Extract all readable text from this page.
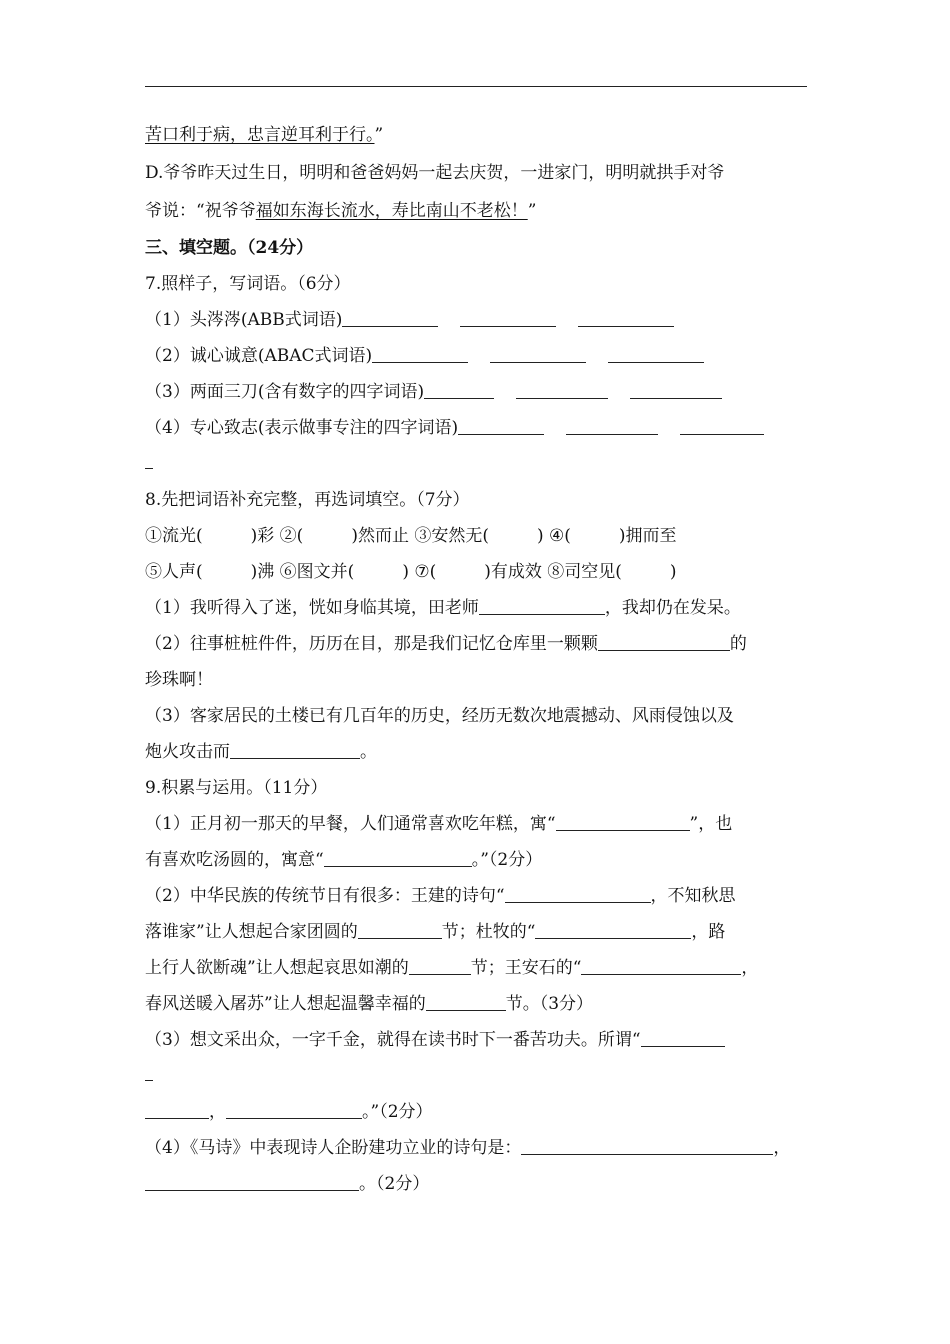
苦口利于病，忠言逆耳利于行。”
D.爷爷昨天过生日，明明和爸爸妈妈一起去庆贺，一进家门，明明就拱手对爷
爷说：“祝爷爷福如东海长流水，寿比南山不老松！”
三、填空题。（24分）
7.照样子，写词语。（6分）
（1）头涔涔(ABB式词语)
（2）诚心诚意(ABAC式词语)
（3）两面三刀(含有数字的四字词语)
（4）专心致志(表示做事专注的四字词语)
8.先把词语补充完整，再选词填空。（7分）
①流光(	)彩 ②(	)然而止 ③安然无(	) ④(	)拥而至
⑤人声(	)沸 ⑥图文并(	) ⑦(	)有成效 ⑧司空见(	)
（1）我听得入了迷，恍如身临其境，田老师	，我却仍在发呆。
（2）往事桩桩件件，历历在目，那是我们记忆仓库里一颗颗	的
珍珠啊！
（3）客家居民的土楼已有几百年的历史，经历无数次地震撼动、风雨侵蚀以及
炮火攻击而	。
9.积累与运用。（11分）
（1）正月初一那天的早餐，人们通常喜欢吃年糕，寓“	”，也
有喜欢吃汤圆的，寓意“	。”（2分）
（2）中华民族的传统节日有很多：王建的诗句“	，不知秋思
落谁家”让人想起合家团圆的	节；杜牧的“	，路
上行人欲断魂”让人想起哀思如潮的	节；王安石的“	，
春风送暖入屠苏”让人想起温馨幸福的	节。（3分）
（3）想文采出众，一字千金，就得在读书时下一番苦功夫。所谓“
，	。”（2分）
（4）《马诗》中表现诗人企盼建功立业的诗句是：	，
。（2分）
